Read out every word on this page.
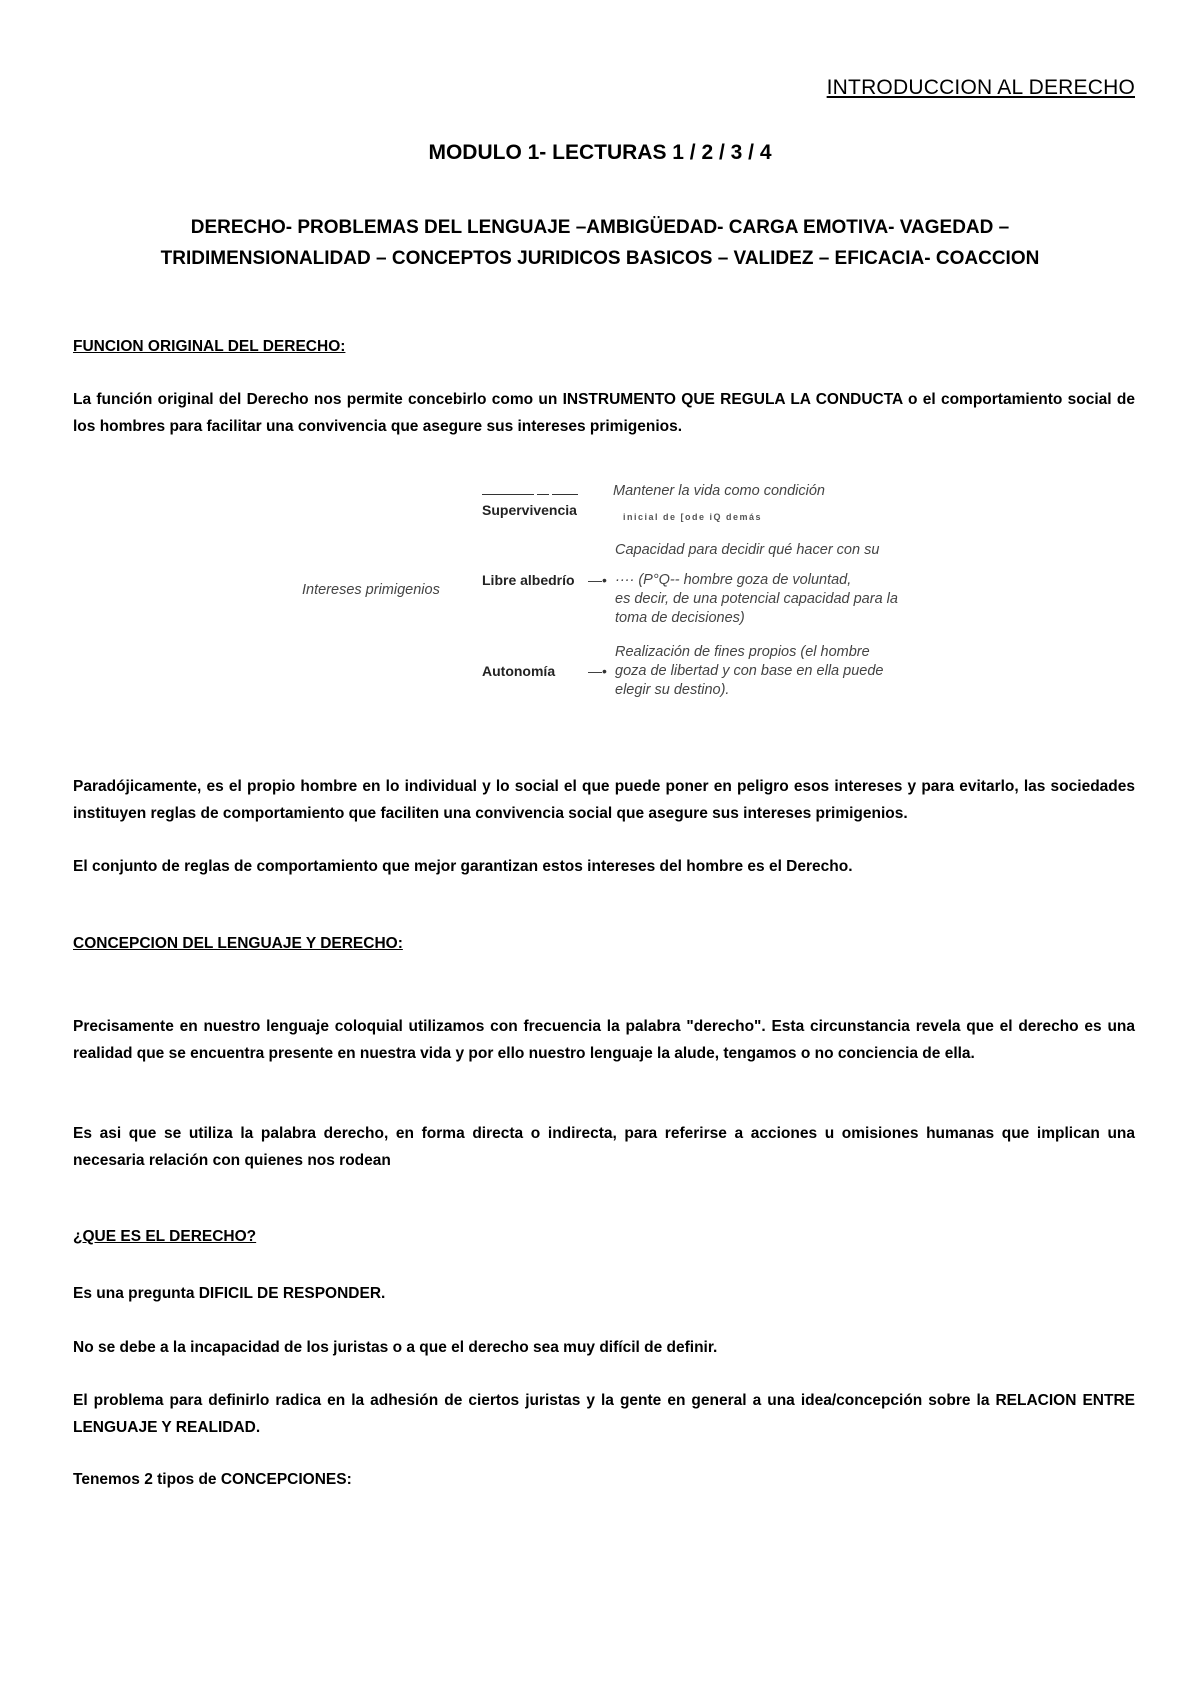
INTRODUCCION AL DERECHO
MODULO 1- LECTURAS 1 / 2 / 3 / 4
DERECHO- PROBLEMAS DEL LENGUAJE –AMBIGÜEDAD- CARGA EMOTIVA- VAGEDAD –
TRIDIMENSIONALIDAD – CONCEPTOS JURIDICOS BASICOS – VALIDEZ – EFICACIA- COACCION
FUNCION ORIGINAL DEL DERECHO:

La función original del Derecho nos permite concebirlo como un INSTRUMENTO QUE REGULA LA CONDUCTA o el comportamiento social de los hombres para facilitar una convivencia que asegure sus intereses primigenios.

Intereses primigenios
Supervivencia
Mantener la vida como condición
inicial de [ode iQ demás
Libre albedrío —•
Capacidad para decidir qué hacer con su
···· (P°Q-- hombre goza de voluntad,
es decir, de una potencial capacidad para la
toma de decisiones)
Autonomía —•
Realización de fines propios (el hombre
goza de libertad y con base en ella puede
elegir su destino).

Paradójicamente, es el propio hombre en lo individual y lo social el que puede poner en peligro esos intereses y para evitarlo, las sociedades instituyen reglas de comportamiento que faciliten una convivencia social que asegure sus intereses primigenios.

El conjunto de reglas de comportamiento que mejor garantizan estos intereses del hombre es el Derecho.

CONCEPCION DEL LENGUAJE Y DERECHO:

Precisamente en nuestro lenguaje coloquial utilizamos con frecuencia la palabra "derecho". Esta circunstancia revela que el derecho es una realidad que se encuentra presente en nuestra vida y por ello nuestro lenguaje la alude, tengamos o no conciencia de ella.

Es asi que se utiliza la palabra derecho, en forma directa o indirecta, para referirse a acciones u omisiones humanas que implican una necesaria relación con quienes nos rodean

¿QUE ES EL DERECHO?

Es una pregunta DIFICIL DE RESPONDER.

No se debe a la incapacidad de los juristas o a que el derecho sea muy difícil de definir.

El problema para definirlo radica en la adhesión de ciertos juristas y la gente en general a una idea/concepción sobre la RELACION ENTRE LENGUAJE Y REALIDAD.

Tenemos 2 tipos de CONCEPCIONES:
